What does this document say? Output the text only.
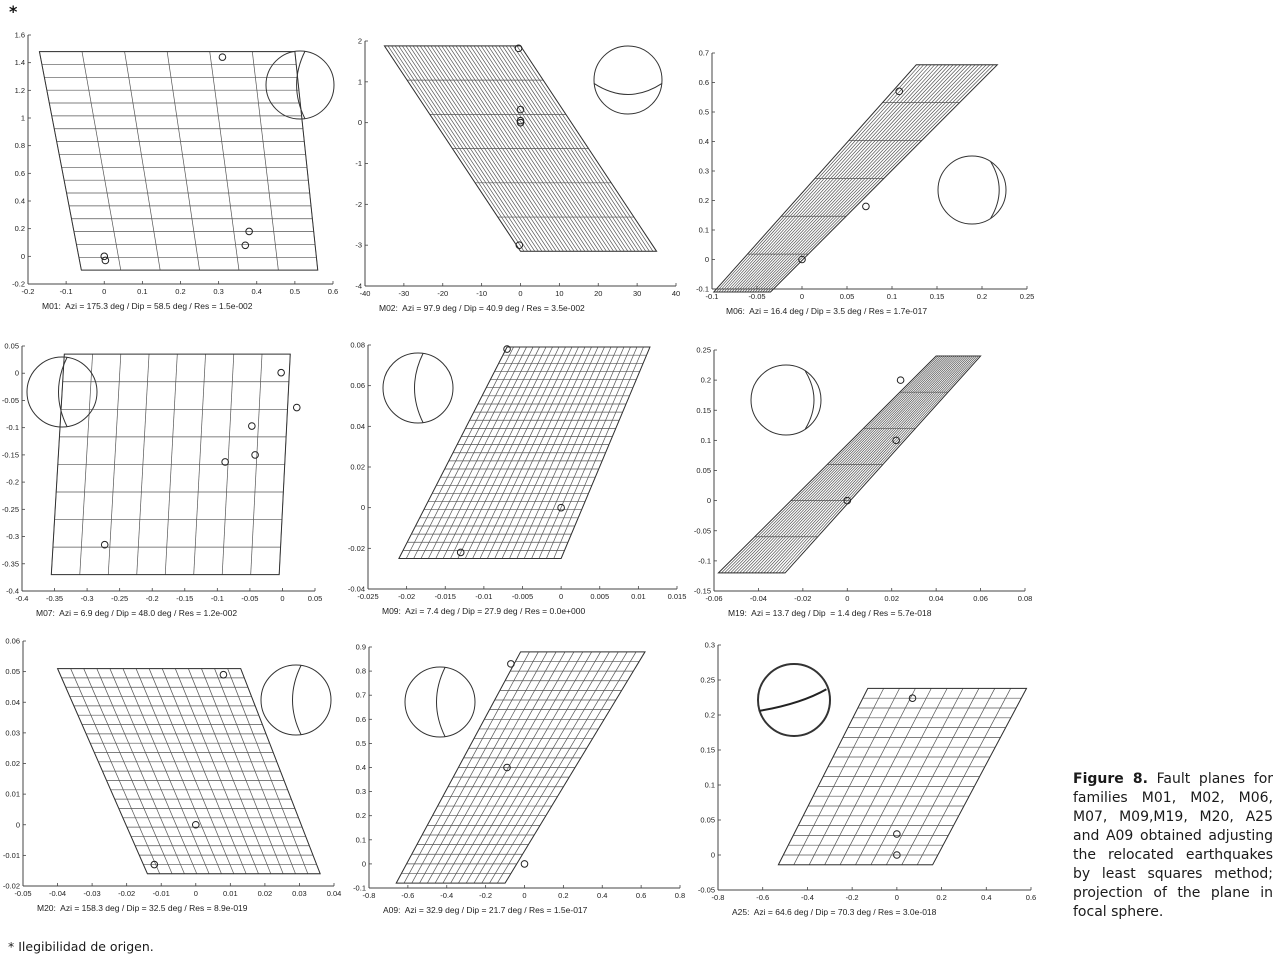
*
-0.2	-0.1	0	0.1	0.2	0.3	0.4	0.5	0.6
-0.2
0
0.2
0.4
0.6
0.8
1
1.2
1.4
1.6
-40	-30	-20	-10	0	10	20	30	40
-4
-3
-2
-1
0
1
2
-0.1	-0.05	0	0.05	0.1	0.15	0.2	0.25
-0.1
0
0.1
0.2
0.3
0.4
0.5
0.6
0.7
-0.4 -0.35 -0.3 -0.25 -0.2 -0.15 -0.1 -0.05	0	0.05
-0.4
-0.35
-0.3
-0.25
-0.2
-0.15
-0.1
-0.05
0
0.05
-0.025	-0.02	-0.015	-0.01	-0.005	0	0.005	0.01	0.015
-0.04
-0.02
0
0.02
0.04
0.06
0.08
-0.06	-0.04	-0.02	0	0.02	0.04	0.06	0.08
-0.15
-0.1
-0.05
0
0.05
0.1
0.15
0.2
0.25
-0.05 -0.04 -0.03 -0.02 -0.01	0	0.01	0.02	0.03	0.04
-0.02
-0.01
0
0.01
0.02
0.03
0.04
0.05
0.06
-0.8	-0.6	-0.4	-0.2	0	0.2	0.4	0.6	0.8
-0.1
0
0.1
0.2
0.3
0.4
0.5
0.6
0.7
0.8
0.9
-0.8	-0.6	-0.4	-0.2	0	0.2	0.4	0.6
-0.05
0
0.05
0.1
0.15
0.2
0.25
0.3
M01:  Azi = 175.3 deg / Dip = 58.5 deg / Res = 1.5e-002	M02:  Azi = 97.9 deg / Dip = 40.9 deg / Res = 3.5e-002	M06:  Azi = 16.4 deg / Dip = 3.5 deg / Res = 1.7e-017
M07:  Azi = 6.9 deg / Dip = 48.0 deg / Res = 1.2e-002	M09:  Azi = 7.4 deg / Dip = 27.9 deg / Res = 0.0e+000	M19:  Azi = 13.7 deg / Dip  = 1.4 deg / Res = 5.7e-018
M20:  Azi = 158.3 deg / Dip = 32.5 deg / Res = 8.9e-019	A09:  Azi = 32.9 deg / Dip = 21.7 deg / Res = 1.5e-017	A25:  Azi = 64.6 deg / Dip = 70.3 deg / Res = 3.0e-018
Figure 8. Fault planes for families M01, M02, M06, M07, M09,M19, M20, A25 and A09 obtained adjusting the relocated earthquakes by least squares method; projection of the plane in focal sphere.
* Ilegibilidad de origen.
